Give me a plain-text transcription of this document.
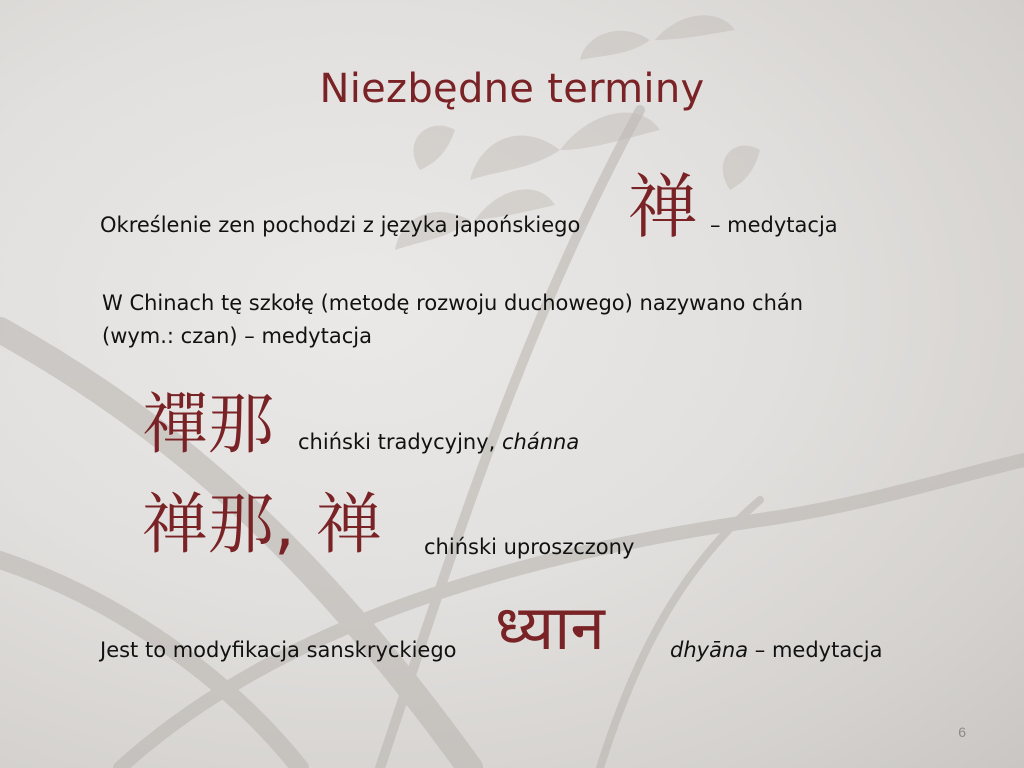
Niezbędne terminy
Określenie zen pochodzi z języka japońskiego 禅 – medytacja
W Chinach tę szkołę (metodę rozwoju duchowego) nazywano chán
(wym.: czan) – medytacja
禪那 chiński tradycyjny, chánna
禅那, 禅 chiński uproszczony
Jest to modyfikacja sanskryckiego ध्यान	dhyāna – medytacja
6
